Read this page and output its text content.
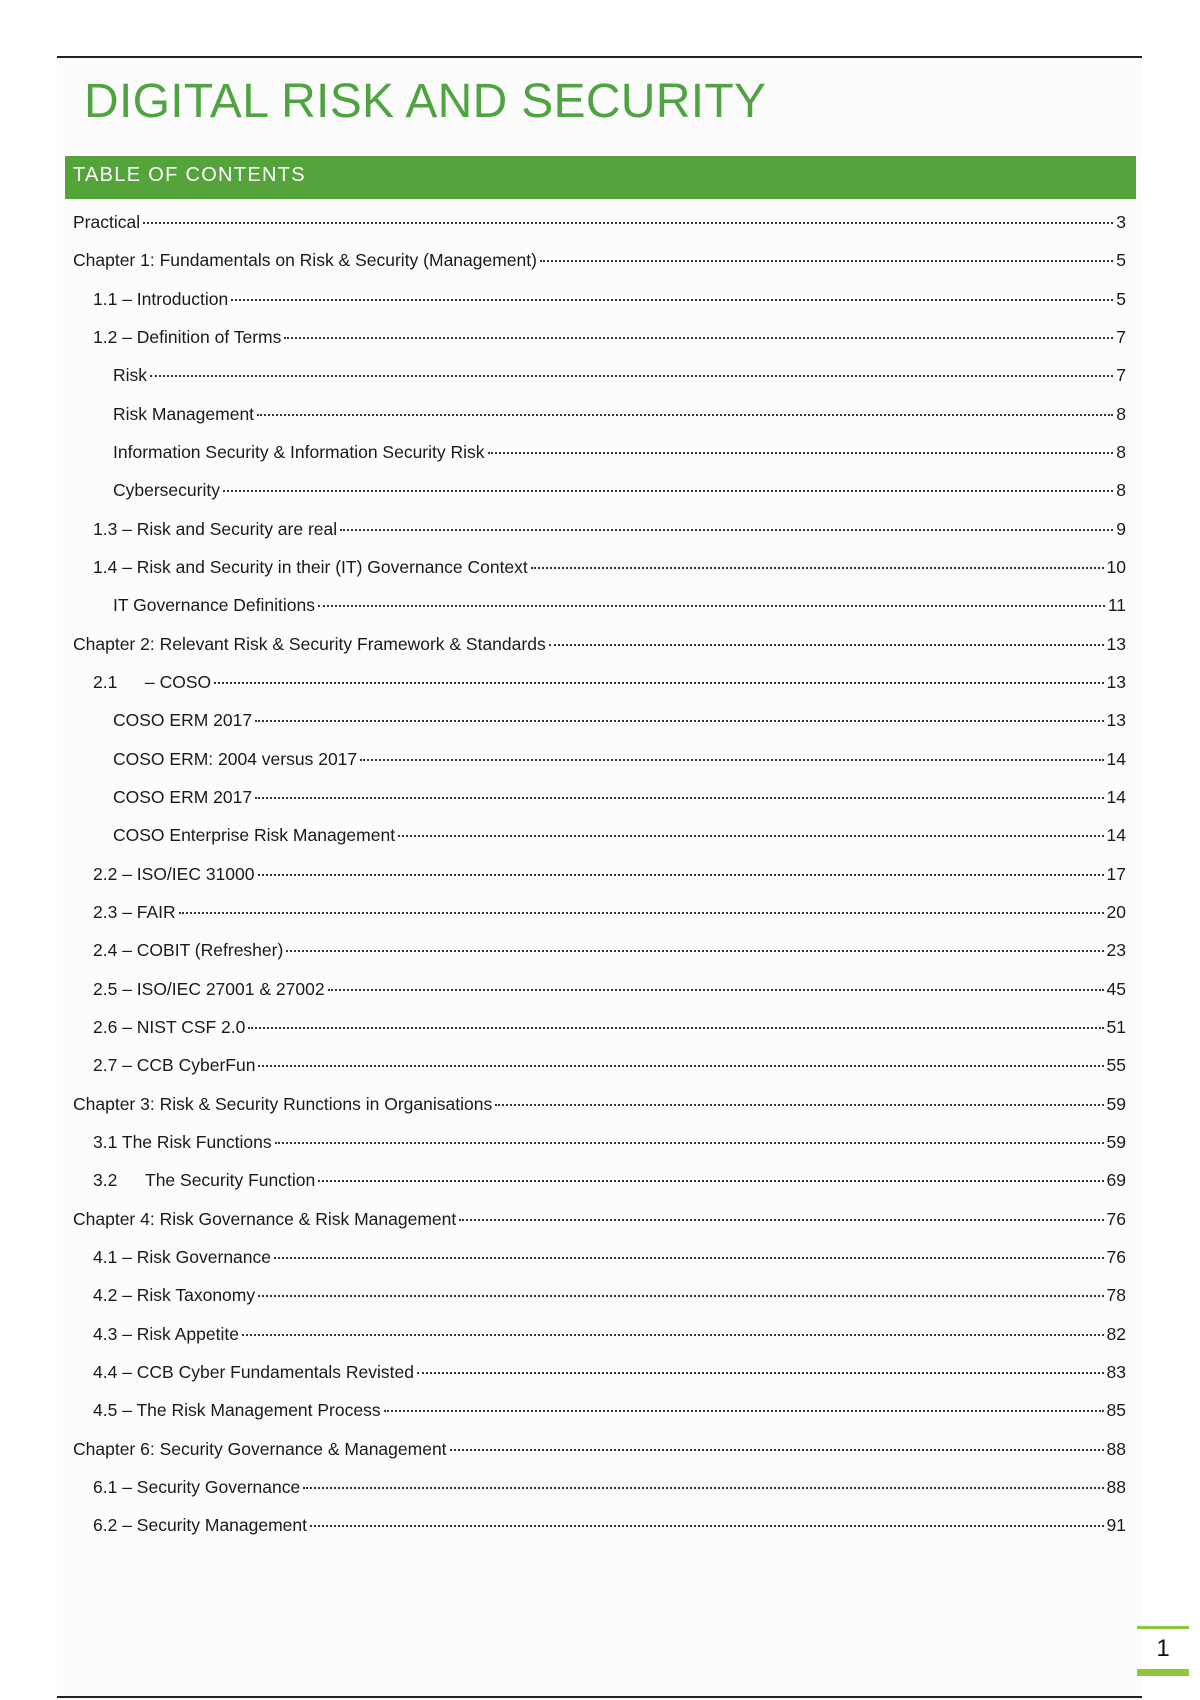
DIGITAL RISK AND SECURITY
TABLE OF CONTENTS
Practical	3
Chapter 1: Fundamentals on Risk & Security (Management)	5
1.1 – Introduction	5
1.2 – Definition of Terms	7
Risk	7
Risk Management	8
Information Security & Information Security Risk	8
Cybersecurity	8
1.3 – Risk and Security are real	9
1.4 – Risk and Security in their (IT) Governance Context	10
IT Governance Definitions	11
Chapter 2: Relevant Risk & Security Framework & Standards	13
2.1 – COSO	13
COSO ERM 2017	13
COSO ERM: 2004 versus 2017	14
COSO ERM 2017	14
COSO Enterprise Risk Management	14
2.2 – ISO/IEC 31000	17
2.3 – FAIR	20
2.4 – COBIT (Refresher)	23
2.5 – ISO/IEC 27001 & 27002	45
2.6 – NIST CSF 2.0	51
2.7 – CCB CyberFun	55
Chapter 3: Risk & Security Runctions in Organisations	59
3.1 The Risk Functions	59
3.2 The Security Function	69
Chapter 4: Risk Governance & Risk Management	76
4.1 – Risk Governance	76
4.2 – Risk Taxonomy	78
4.3 – Risk Appetite	82
4.4 – CCB Cyber Fundamentals Revisted	83
4.5 – The Risk Management Process	85
Chapter 6: Security Governance & Management	88
6.1 – Security Governance	88
6.2 – Security Management	91
1
